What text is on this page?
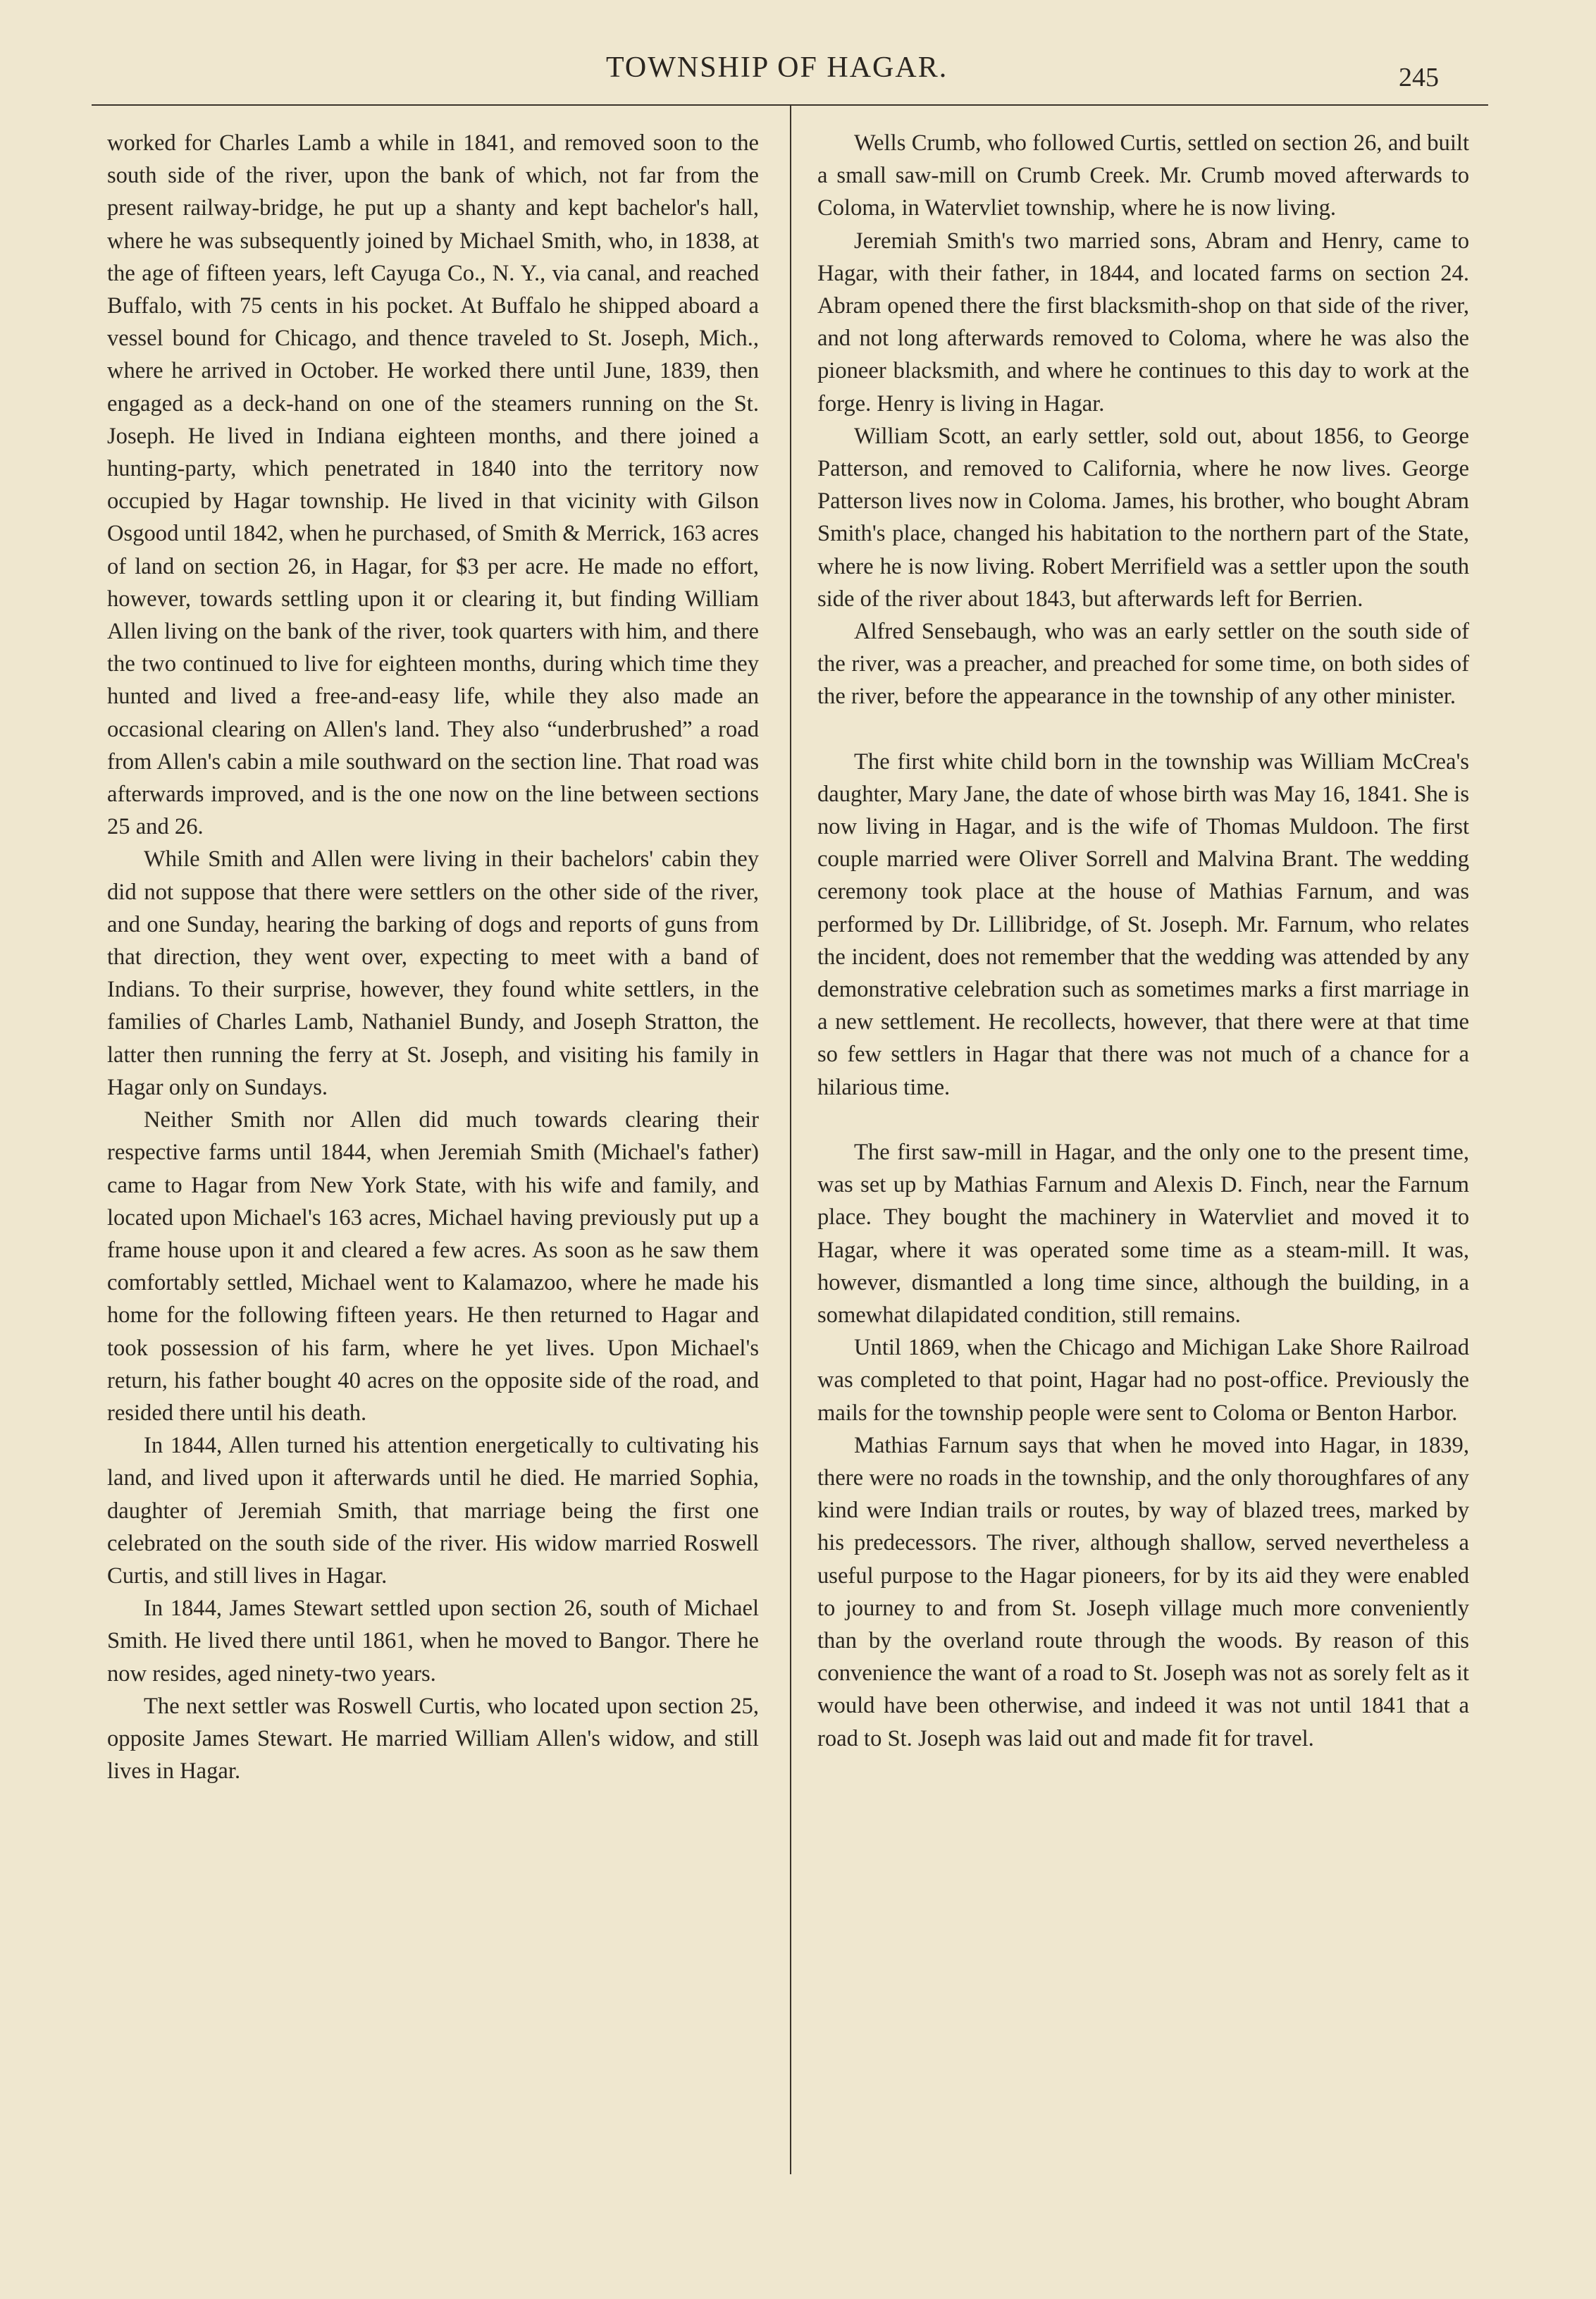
TOWNSHIP OF HAGAR.	245

worked for Charles Lamb a while in 1841, and removed soon to the south side of the river, upon the bank of which, not far from the present railway-bridge, he put up a shanty and kept bachelor's hall, where he was subsequently joined by Michael Smith, who, in 1838, at the age of fifteen years, left Cayuga Co., N. Y., via canal, and reached Buffalo, with 75 cents in his pocket. At Buffalo he shipped aboard a vessel bound for Chicago, and thence traveled to St. Joseph, Mich., where he arrived in October. He worked there until June, 1839, then engaged as a deck-hand on one of the steamers running on the St. Joseph. He lived in Indiana eighteen months, and there joined a hunting-party, which penetrated in 1840 into the territory now occupied by Hagar township. He lived in that vicinity with Gilson Osgood until 1842, when he purchased, of Smith & Merrick, 163 acres of land on section 26, in Hagar, for $3 per acre. He made no effort, however, towards settling upon it or clearing it, but finding William Allen living on the bank of the river, took quarters with him, and there the two continued to live for eighteen months, during which time they hunted and lived a free-and-easy life, while they also made an occasional clearing on Allen's land. They also “underbrushed” a road from Allen's cabin a mile southward on the section line. That road was afterwards improved, and is the one now on the line between sections 25 and 26.

While Smith and Allen were living in their bachelors' cabin they did not suppose that there were settlers on the other side of the river, and one Sunday, hearing the barking of dogs and reports of guns from that direction, they went over, expecting to meet with a band of Indians. To their surprise, however, they found white settlers, in the families of Charles Lamb, Nathaniel Bundy, and Joseph Stratton, the latter then running the ferry at St. Joseph, and visiting his family in Hagar only on Sundays.

Neither Smith nor Allen did much towards clearing their respective farms until 1844, when Jeremiah Smith (Michael's father) came to Hagar from New York State, with his wife and family, and located upon Michael's 163 acres, Michael having previously put up a frame house upon it and cleared a few acres. As soon as he saw them comfortably settled, Michael went to Kalamazoo, where he made his home for the following fifteen years. He then returned to Hagar and took possession of his farm, where he yet lives. Upon Michael's return, his father bought 40 acres on the opposite side of the road, and resided there until his death.

In 1844, Allen turned his attention energetically to cultivating his land, and lived upon it afterwards until he died. He married Sophia, daughter of Jeremiah Smith, that marriage being the first one celebrated on the south side of the river. His widow married Roswell Curtis, and still lives in Hagar.

In 1844, James Stewart settled upon section 26, south of Michael Smith. He lived there until 1861, when he moved to Bangor. There he now resides, aged ninety-two years.

The next settler was Roswell Curtis, who located upon section 25, opposite James Stewart. He married William Allen's widow, and still lives in Hagar.

Wells Crumb, who followed Curtis, settled on section 26, and built a small saw-mill on Crumb Creek. Mr. Crumb moved afterwards to Coloma, in Watervliet township, where he is now living.

Jeremiah Smith's two married sons, Abram and Henry, came to Hagar, with their father, in 1844, and located farms on section 24. Abram opened there the first blacksmith-shop on that side of the river, and not long afterwards removed to Coloma, where he was also the pioneer blacksmith, and where he continues to this day to work at the forge. Henry is living in Hagar.

William Scott, an early settler, sold out, about 1856, to George Patterson, and removed to California, where he now lives. George Patterson lives now in Coloma. James, his brother, who bought Abram Smith's place, changed his habitation to the northern part of the State, where he is now living. Robert Merrifield was a settler upon the south side of the river about 1843, but afterwards left for Berrien.

Alfred Sensebaugh, who was an early settler on the south side of the river, was a preacher, and preached for some time, on both sides of the river, before the appearance in the township of any other minister.

The first white child born in the township was William McCrea's daughter, Mary Jane, the date of whose birth was May 16, 1841. She is now living in Hagar, and is the wife of Thomas Muldoon. The first couple married were Oliver Sorrell and Malvina Brant. The wedding ceremony took place at the house of Mathias Farnum, and was performed by Dr. Lillibridge, of St. Joseph. Mr. Farnum, who relates the incident, does not remember that the wedding was attended by any demonstrative celebration such as sometimes marks a first marriage in a new settlement. He recollects, however, that there were at that time so few settlers in Hagar that there was not much of a chance for a hilarious time.

The first saw-mill in Hagar, and the only one to the present time, was set up by Mathias Farnum and Alexis D. Finch, near the Farnum place. They bought the machinery in Watervliet and moved it to Hagar, where it was operated some time as a steam-mill. It was, however, dismantled a long time since, although the building, in a somewhat dilapidated condition, still remains.

Until 1869, when the Chicago and Michigan Lake Shore Railroad was completed to that point, Hagar had no post-office. Previously the mails for the township people were sent to Coloma or Benton Harbor.

Mathias Farnum says that when he moved into Hagar, in 1839, there were no roads in the township, and the only thoroughfares of any kind were Indian trails or routes, by way of blazed trees, marked by his predecessors. The river, although shallow, served nevertheless a useful purpose to the Hagar pioneers, for by its aid they were enabled to journey to and from St. Joseph village much more conveniently than by the overland route through the woods. By reason of this convenience the want of a road to St. Joseph was not as sorely felt as it would have been otherwise, and indeed it was not until 1841 that a road to St. Joseph was laid out and made fit for travel.
